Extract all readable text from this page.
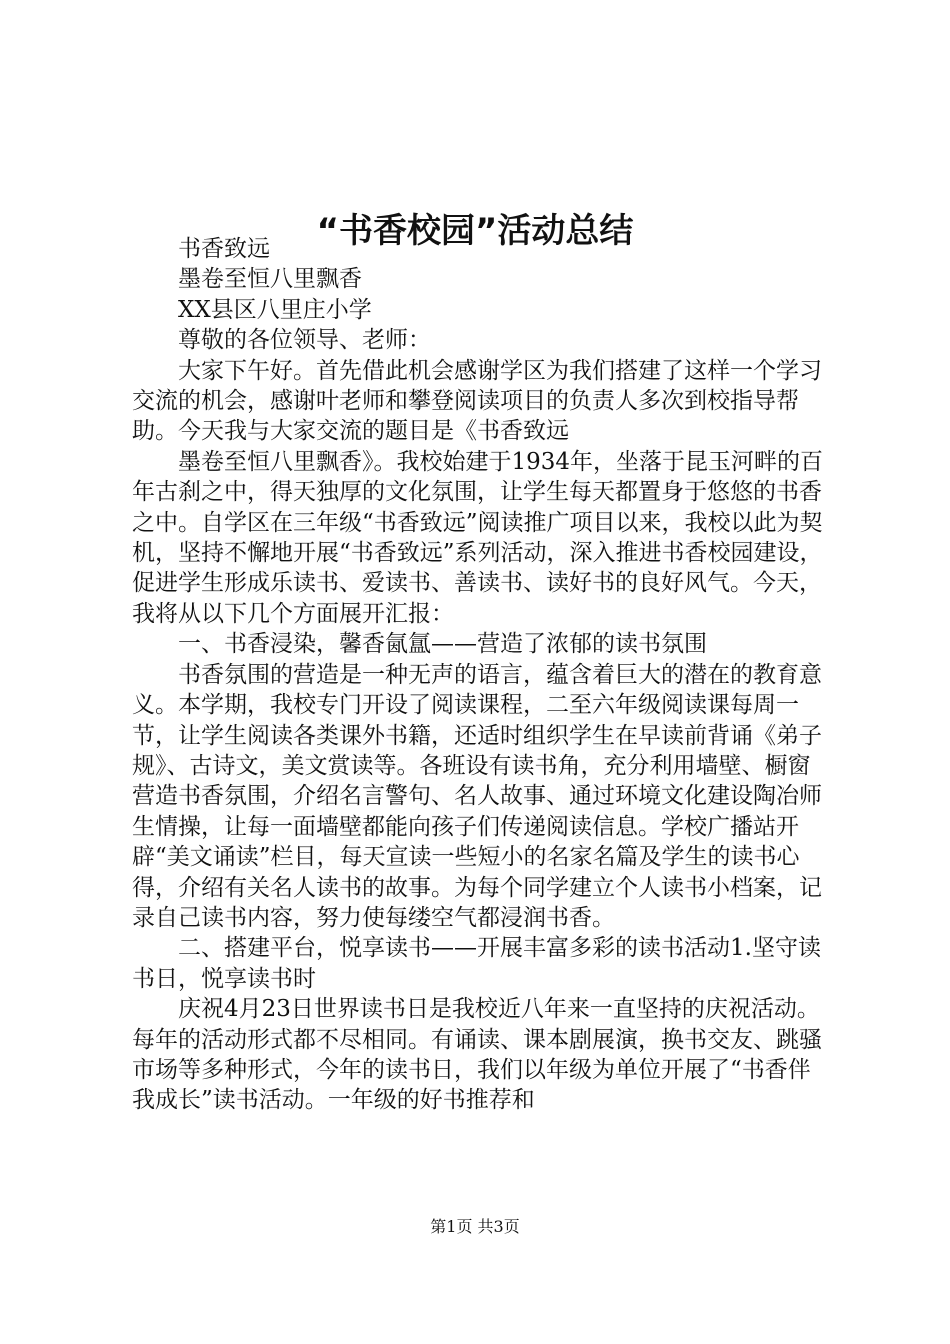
“书香校园”活动总结

书香致远

墨卷至恒八里飘香

XX县区八里庄小学

尊敬的各位领导、老师：

大家下午好。首先借此机会感谢学区为我们搭建了这样一个学习交流的机会，感谢叶老师和攀登阅读项目的负责人多次到校指导帮助。今天我与大家交流的题目是《书香致远

墨卷至恒八里飘香》。我校始建于1934年，坐落于昆玉河畔的百年古刹之中，得天独厚的文化氛围，让学生每天都置身于悠悠的书香之中。自学区在三年级“书香致远”阅读推广项目以来，我校以此为契机，坚持不懈地开展“书香致远”系列活动，深入推进书香校园建设，促进学生形成乐读书、爱读书、善读书、读好书的良好风气。今天，我将从以下几个方面展开汇报：

一、书香浸染，馨香氤氲——营造了浓郁的读书氛围

书香氛围的营造是一种无声的语言，蕴含着巨大的潜在的教育意义。本学期，我校专门开设了阅读课程，二至六年级阅读课每周一节，让学生阅读各类课外书籍，还适时组织学生在早读前背诵《弟子规》、古诗文，美文赏读等。各班设有读书角，充分利用墙壁、橱窗营造书香氛围，介绍名言警句、名人故事、通过环境文化建设陶冶师生情操，让每一面墙壁都能向孩子们传递阅读信息。学校广播站开辟“美文诵读”栏目，每天宣读一些短小的名家名篇及学生的读书心得，介绍有关名人读书的故事。为每个同学建立个人读书小档案，记录自己读书内容，努力使每缕空气都浸润书香。

二、搭建平台，悦享读书——开展丰富多彩的读书活动1.坚守读书日，悦享读书时

庆祝4月23日世界读书日是我校近八年来一直坚持的庆祝活动。每年的活动形式都不尽相同。有诵读、课本剧展演，换书交友、跳骚市场等多种形式，今年的读书日，我们以年级为单位开展了“书香伴我成长”读书活动。一年级的好书推荐和

第1页 共3页
